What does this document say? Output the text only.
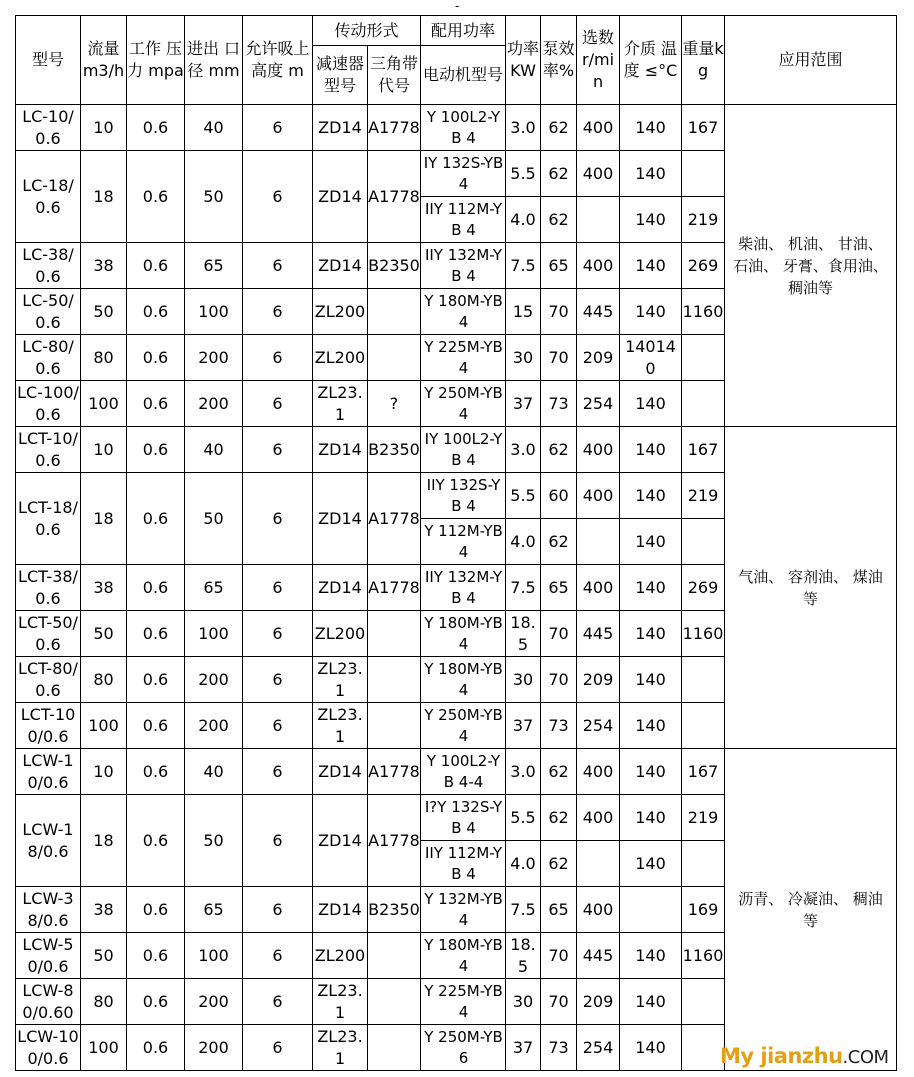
-
型号	流量m3/h	工作 压力 mpa	进出 口径 mm	允许吸上高度 m	传动形式		配用功率	功率KW	泵效率%	选数r/min	介质 温度 ≤°C	重量kg	应用范围
					减速器型号	三角带代号	电动机型号						
LC-10/0.6	10	0.6	40	6	ZD14	A1778	Y 100L2-YB 4	3.0	62	400	140	167	柴油、 机油、 甘油、 石油、 牙膏、食用油、稠油等
LC-18/0.6	18	0.6	50	6	ZD14	A1778	IY 132S-YB 4	5.5	62	400	140		
							IIY 112M-YB 4	4.0	62		140	219	
LC-38/0.6	38	0.6	65	6	ZD14	B2350	IIY 132M-YB 4	7.5	65	400	140	269	
LC-50/0.6	50	0.6	100	6	ZL200		Y 180M-YB 4	15	70	445	140	1160	
LC-80/0.6	80	0.6	200	6	ZL200		Y 225M-YB 4	30	70	209	140140		
LC-100/0.6	100	0.6	200	6	ZL23.1	?	Y 250M-YB 4	37	73	254	140		
LCT-10/0.6	10	0.6	40	6	ZD14	B2350	IY 100L2-YB 4	3.0	62	400	140	167	气油、 容剂油、 煤油等
LCT-18/0.6	18	0.6	50	6	ZD14	A1778	IIY 132S-YB 4	5.5	60	400	140	219	
							Y 112M-YB 4	4.0	62		140		
LCT-38/0.6	38	0.6	65	6	ZD14	A1778	IIY 132M-YB 4	7.5	65	400	140	269	
LCT-50/0.6	50	0.6	100	6	ZL200		Y 180M-YB 4	18.5	70	445	140	1160	
LCT-80/0.6	80	0.6	200	6	ZL23.1		Y 180M-YB 4	30	70	209	140		
LCT-100/0.6	100	0.6	200	6	ZL23.1		Y 250M-YB 4	37	73	254	140		
LCW-10/0.6	10	0.6	40	6	ZD14	A1778	Y 100L2-YB 4-4	3.0	62	400	140	167	沥青、 冷凝油、 稠油等
LCW-18/0.6	18	0.6	50	6	ZD14	A1778	I?Y 132S-YB 4	5.5	62	400	140	219	
							IIY 112M-YB 4	4.0	62		140		
LCW-38/0.6	38	0.6	65	6	ZD14	B2350	Y 132M-YB 4	7.5	65	400		169	
LCW-50/0.6	50	0.6	100	6	ZL200		Y 180M-YB 4	18.5	70	445	140	1160	
LCW-80/0.60	80	0.6	200	6	ZL23.1		Y 225M-YB 4	30	70	209	140		
LCW-100/0.6	100	0.6	200	6	ZL23.1		Y 250M-YB 6	37	73	254	140			My jianzhu.COM
